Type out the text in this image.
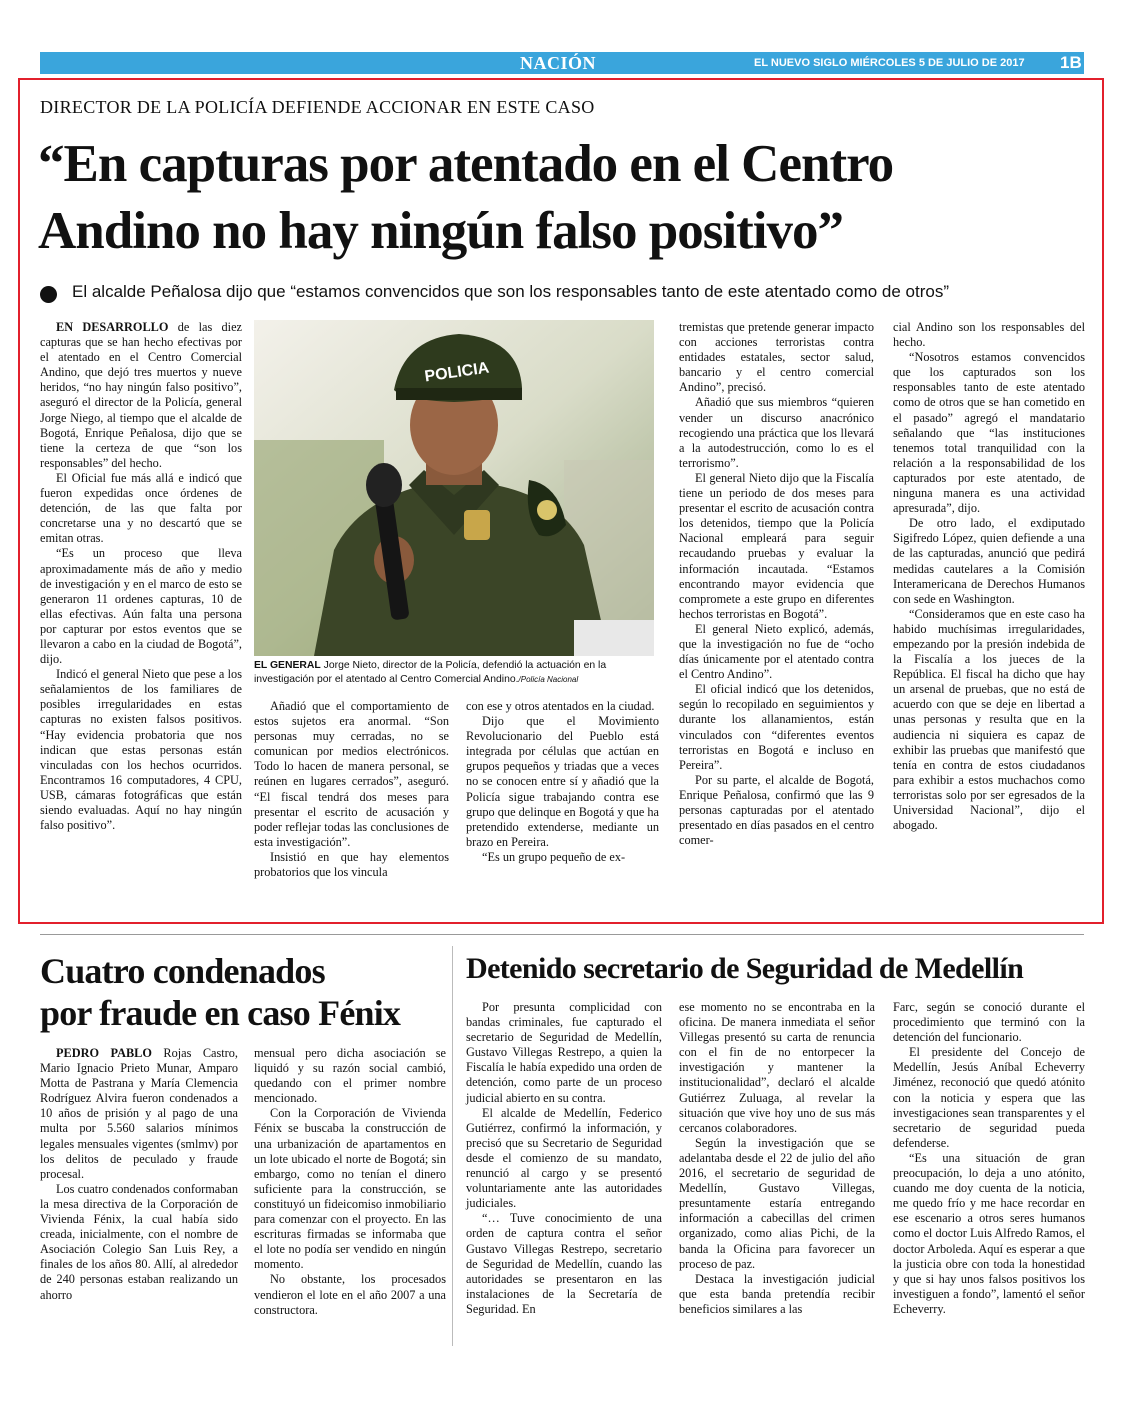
NACIÓN	EL NUEVO SIGLO MIÉRCOLES 5 DE JULIO DE 2017 1B
DIRECTOR DE LA POLICÍA DEFIENDE ACCIONAR EN ESTE CASO
“En capturas por atentado en el Centro
Andino no hay ningún falso positivo”
El alcalde Peñalosa dijo que “estamos convencidos que son los responsables tanto de este atentado como de otros”

EN DESARROLLO de las diez capturas que se han hecho efectivas por el atentado en el Centro Comercial Andino, que dejó tres muertos y nueve heridos, “no hay ningún falso positivo”, aseguró el director de la Policía, general Jorge Niego, al tiempo que el alcalde de Bogotá, Enrique Peñalosa, dijo que se tiene la certeza de que “son los responsables” del hecho.

El Oficial fue más allá e indicó que fueron expedidas once órdenes de detención, de las que falta por concretarse una y no descartó que se emitan otras.

“Es un proceso que lleva aproximadamente más de año y medio de investigación y en el marco de esto se generaron 11 ordenes capturas, 10 de ellas efectivas. Aún falta una persona por capturar por estos eventos que se llevaron a cabo en la ciudad de Bogotá”, dijo.

Indicó el general Nieto que pese a los señalamientos de los familiares de posibles irregularidades en estas capturas no existen falsos positivos. “Hay evidencia probatoria que nos indican que estas personas están vinculadas con los hechos ocurridos. Encontramos 16 computadores, 4 CPU, USB, cámaras fotográficas que están siendo evaluadas. Aquí no hay ningún falso positivo”.

POLICIA
EL GENERAL Jorge Nieto, director de la Policía, defendió la actuación en la investigación por el atentado al Centro Comercial Andino./Policía Nacional

Añadió que el comportamiento de estos sujetos era anormal. “Son personas muy cerradas, no se comunican por medios electrónicos. Todo lo hacen de manera personal, se reúnen en lugares cerrados”, aseguró. “El fiscal tendrá dos meses para presentar el escrito de acusación y poder reflejar todas las conclusiones de esta investigación”.

Insistió en que hay elementos probatorios que los vincula

con ese y otros atentados en la ciudad.

Dijo que el Movimiento Revolucionario del Pueblo está integrada por células que actúan en grupos pequeños y triadas que a veces no se conocen entre sí y añadió que la Policía sigue trabajando contra ese grupo que delinque en Bogotá y que ha pretendido extenderse, mediante un brazo en Pereira.

“Es un grupo pequeño de ex-

tremistas que pretende generar impacto con acciones terroristas contra entidades estatales, sector salud, bancario y el centro comercial Andino”, precisó.

Añadió que sus miembros “quieren vender un discurso anacrónico recogiendo una práctica que los llevará a la autodestrucción, como lo es el terrorismo”.

El general Nieto dijo que la Fiscalía tiene un periodo de dos meses para presentar el escrito de acusación contra los detenidos, tiempo que la Policía Nacional empleará para seguir recaudando pruebas y evaluar la información incautada. “Estamos encontrando mayor evidencia que compromete a este grupo en diferentes hechos terroristas en Bogotá”.

El general Nieto explicó, además, que la investigación no fue de “ocho días únicamente por el atentado contra el Centro Andino”.

El oficial indicó que los detenidos, según lo recopilado en seguimientos y durante los allanamientos, están vinculados con “diferentes eventos terroristas en Bogotá e incluso en Pereira”.

Por su parte, el alcalde de Bogotá, Enrique Peñalosa, confirmó que las 9 personas capturadas por el atentado presentado en días pasados en el centro comer-

cial Andino son los responsables del hecho.

“Nosotros estamos convencidos que los capturados son los responsables tanto de este atentado como de otros que se han cometido en el pasado” agregó el mandatario señalando que “las instituciones tenemos total tranquilidad con la relación a la responsabilidad de los capturados por este atentado, de ninguna manera es una actividad apresurada”, dijo.

De otro lado, el exdiputado Sigifredo López, quien defiende a una de las capturadas, anunció que pedirá medidas cautelares a la Comisión Interamericana de Derechos Humanos con sede en Washington.

“Consideramos que en este caso ha habido muchísimas irregularidades, empezando por la presión indebida de la Fiscalía a los jueces de la República. El fiscal ha dicho que hay un arsenal de pruebas, que no está de acuerdo con que se deje en libertad a unas personas y resulta que en la audiencia ni siquiera es capaz de exhibir las pruebas que manifestó que tenía en contra de estos ciudadanos para exhibir a estos muchachos como terroristas solo por ser egresados de la Universidad Nacional”, dijo el abogado.

Cuatro condenados
por fraude en caso Fénix

PEDRO PABLO Rojas Castro, Mario Ignacio Prieto Munar, Amparo Motta de Pastrana y María Clemencia Rodríguez Alvira fueron condenados a 10 años de prisión y al pago de una multa por 5.560 salarios mínimos legales mensuales vigentes (smlmv) por los delitos de peculado y fraude procesal.

Los cuatro condenados conformaban la mesa directiva de la Corporación de Vivienda Fénix, la cual había sido creada, inicialmente, con el nombre de Asociación Colegio San Luis Rey, a finales de los años 80. Allí, al alrededor de 240 personas estaban realizando un ahorro

mensual pero dicha asociación se liquidó y su razón social cambió, quedando con el primer nombre mencionado.

Con la Corporación de Vivienda Fénix se buscaba la construcción de una urbanización de apartamentos en un lote ubicado el norte de Bogotá; sin embargo, como no tenían el dinero suficiente para la construcción, se constituyó un fideicomiso inmobiliario para comenzar con el proyecto. En las escrituras firmadas se informaba que el lote no podía ser vendido en ningún momento.

No obstante, los procesados vendieron el lote en el año 2007 a una constructora.

Detenido secretario de Seguridad de Medellín

Por presunta complicidad con bandas criminales, fue capturado el secretario de Seguridad de Medellín, Gustavo Villegas Restrepo, a quien la Fiscalía le había expedido una orden de detención, como parte de un proceso judicial abierto en su contra.

El alcalde de Medellín, Federico Gutiérrez, confirmó la información, y precisó que su Secretario de Seguridad desde el comienzo de su mandato, renunció al cargo y se presentó voluntariamente ante las autoridades judiciales.

“… Tuve conocimiento de una orden de captura contra el señor Gustavo Villegas Restrepo, secretario de Seguridad de Medellín, cuando las autoridades se presentaron en las instalaciones de la Secretaría de Seguridad. En

ese momento no se encontraba en la oficina. De manera inmediata el señor Villegas presentó su carta de renuncia con el fin de no entorpecer la investigación y mantener la institucionalidad”, declaró el alcalde Gutiérrez Zuluaga, al revelar la situación que vive hoy uno de sus más cercanos colaboradores.

Según la investigación que se adelantaba desde el 22 de julio del año 2016, el secretario de seguridad de Medellín, Gustavo Villegas, presuntamente estaría entregando información a cabecillas del crimen organizado, como alias Pichi, de la banda la Oficina para favorecer un proceso de paz.

Destaca la investigación judicial que esta banda pretendía recibir beneficios similares a las

Farc, según se conoció durante el procedimiento que terminó con la detención del funcionario.

El presidente del Concejo de Medellín, Jesús Aníbal Echeverry Jiménez, reconoció que quedó atónito con la noticia y espera que las investigaciones sean transparentes y el secretario de seguridad pueda defenderse.

“Es una situación de gran preocupación, lo deja a uno atónito, cuando me doy cuenta de la noticia, me quedo frío y me hace recordar en ese escenario a otros seres humanos como el doctor Luis Alfredo Ramos, el doctor Arboleda. Aquí es esperar a que la justicia obre con toda la honestidad y que si hay unos falsos positivos los investiguen a fondo”, lamentó el señor Echeverry.
